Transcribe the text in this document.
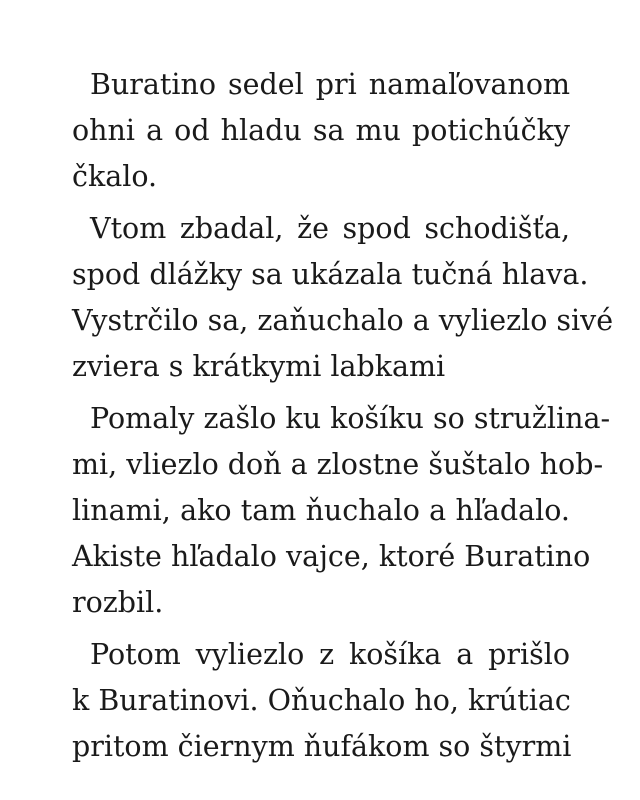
Buratino sedel pri namaľovanom
ohni a od hladu sa mu potichúčky
čkalo.
Vtom zbadal, že spod schodišťa,
spod dlážky sa ukázala tučná hlava.
Vystrčilo sa, zaňuchalo a vyliezlo sivé
zviera s krátkymi labkami
Pomaly zašlo ku košíku so stružlina-
mi, vliezlo doň a zlostne šuštalo hob-
linami, ako tam ňuchalo a hľadalo.
Akiste hľadalo vajce, ktoré Buratino
rozbil.
Potom vyliezlo z košíka a prišlo
k Buratinovi. Oňuchalo ho, krútiac
pritom čiernym ňufákom so štyrmi
